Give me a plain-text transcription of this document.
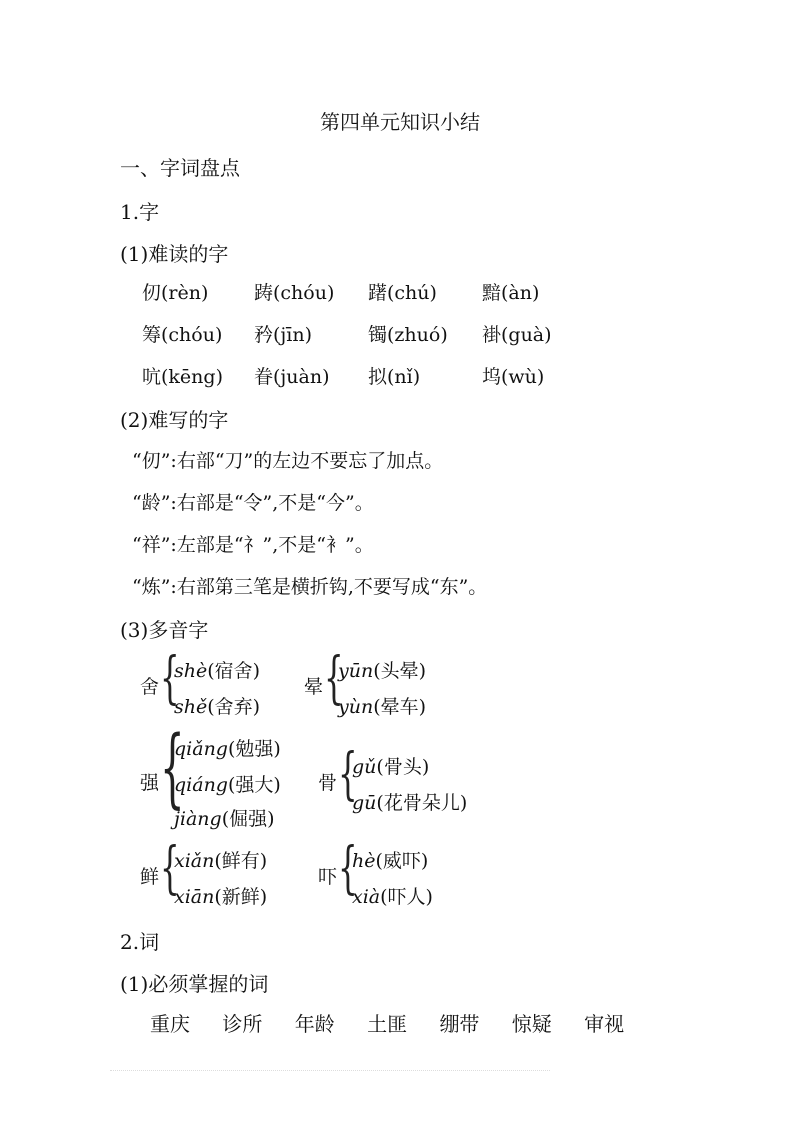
第四单元知识小结
一、字词盘点
1.字
(1)难读的字
仞(rèn) 踌(chóu) 躇(chú) 黯(àn)
筹(chóu) 矜(jīn)	镯(zhuó) 褂(guà)
吭(kēng) 眷(juàn) 拟(nǐ)	坞(wù)
(2)难写的字
“仞”:右部“刀”的左边不要忘了加点。
“龄”:右部是“令”,不是“今”。
“祥”:左部是“礻”,不是“衤”。
“炼”:右部第三笔是横折钩,不要写成“东”。
(3)多音字
舍 {
shè(宿舍)
shě(舍弃)
晕 {
yūn(头晕)
yùn(晕车)
强 {
qiǎng(勉强)
qiáng(强大)
jiàng(倔强)
骨 {
gǔ(骨头)
gū(花骨朵儿)
鲜 {
xiǎn(鲜有)
xiān(新鲜)
吓 {
hè(威吓)
xià(吓人)
2.词
(1)必须掌握的词
重庆 诊所 年龄 土匪 绷带 惊疑 审视
